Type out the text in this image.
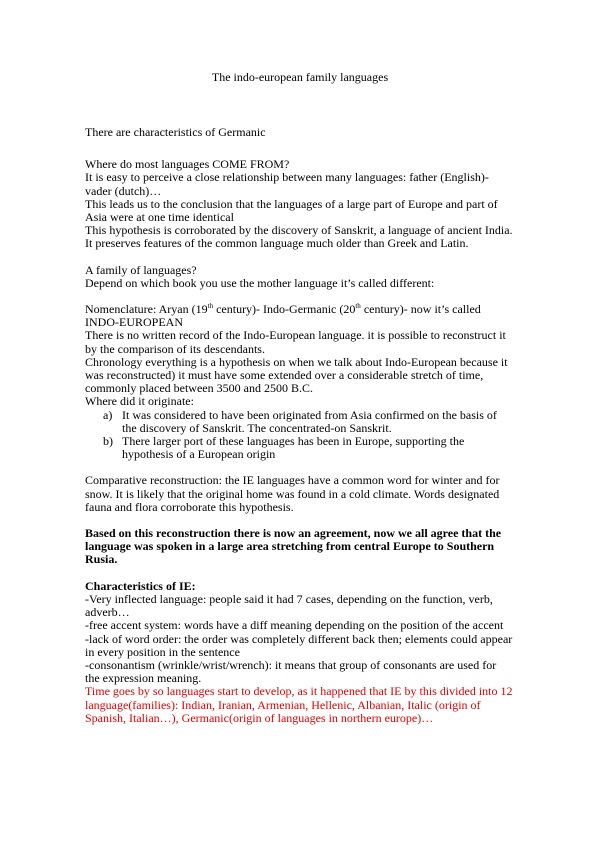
The indo-european family languages

There are characteristics of Germanic

Where do most languages COME FROM?

It is easy to perceive a close relationship between many languages: father (English)-vader (dutch)…

This leads us to the conclusion that the languages of a large part of Europe and part of Asia were at one time identical

This hypothesis is corroborated by the discovery of Sanskrit, a language of ancient India. It preserves features of the common language much older than Greek and Latin.

A family of languages?

Depend on which book you use the mother language it’s called different:

Nomenclature: Aryan (19th century)- Indo-Germanic (20th century)- now it’s called INDO-EUROPEAN

There is no written record of the Indo-European language. it is possible to reconstruct it by the comparison of its descendants.

Chronology everything is a hypothesis on when we talk about Indo-European because it was reconstructed) it must have some extended over a considerable stretch of time, commonly placed between 3500 and 2500 B.C.

Where did it originate:

a) It was considered to have been originated from Asia confirmed on the basis of the discovery of Sanskrit. The concentrated-on Sanskrit.
b) There larger port of these languages has been in Europe, supporting the hypothesis of a European origin

Comparative reconstruction: the IE languages have a common word for winter and for snow. It is likely that the original home was found in a cold climate. Words designated fauna and flora corroborate this hypothesis.

Based on this reconstruction there is now an agreement, now we all agree that the language was spoken in a large area stretching from central Europe to Southern Rusia.

Characteristics of IE:

-Very inflected language: people said it had 7 cases, depending on the function, verb, adverb…

-free accent system: words have a diff meaning depending on the position of the accent

-lack of word order: the order was completely different back then; elements could appear in every position in the sentence

-consonantism (wrinkle/wrist/wrench): it means that group of consonants are used for the expression meaning.

Time goes by so languages start to develop, as it happened that IE by this divided into 12 language(families): Indian, Iranian, Armenian, Hellenic, Albanian, Italic (origin of Spanish, Italian…), Germanic(origin of languages in northern europe)…
